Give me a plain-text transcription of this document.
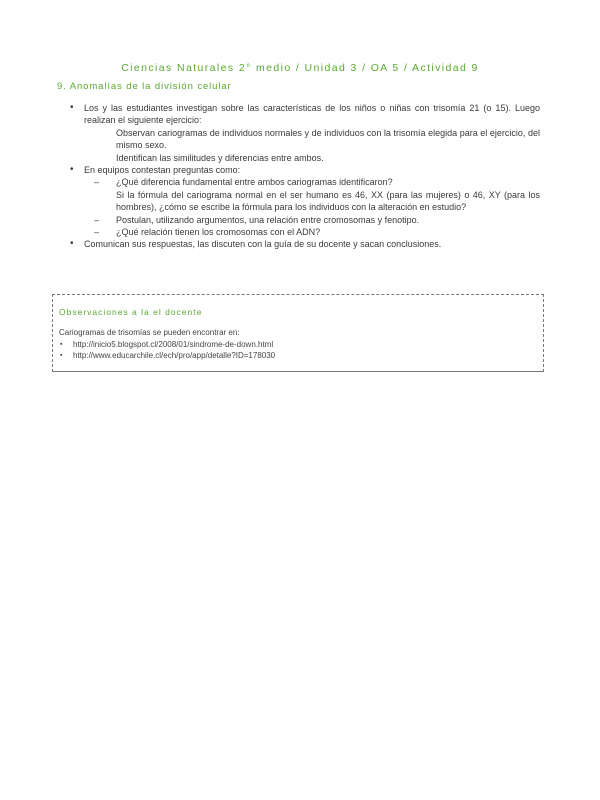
Ciencias Naturales 2° medio / Unidad 3 / OA 5 / Actividad 9
9. Anomalías de la división celular
• Los y las estudiantes investigan sobre las características de los niños o niñas con trisomía 21 (o 15). Luego realizan el siguiente ejercicio:
Observan cariogramas de individuos normales y de individuos con la trisomía elegida para el ejercicio, del mismo sexo.
Identifican las similitudes y diferencias entre ambos.
• En equipos contestan preguntas como:
– ¿Qué diferencia fundamental entre ambos cariogramas identificaron?
Si la fórmula del cariograma normal en el ser humano es 46, XX (para las mujeres) o 46, XY (para los hombres), ¿cómo se escribe la fórmula para los individuos con la alteración en estudio?
– Postulan, utilizando argumentos, una relación entre cromosomas y fenotipo.
– ¿Qué relación tienen los cromosomas con el ADN?
• Comunican sus respuestas, las discuten con la guía de su docente y sacan conclusiones.
Observaciones a la el docente
Cariogramas de trisomías se pueden encontrar en:
▪ http://inicio5.blogspot.cl/2008/01/sindrome-de-down.html
▪ http://www.educarchile.cl/ech/pro/app/detalle?ID=178030
